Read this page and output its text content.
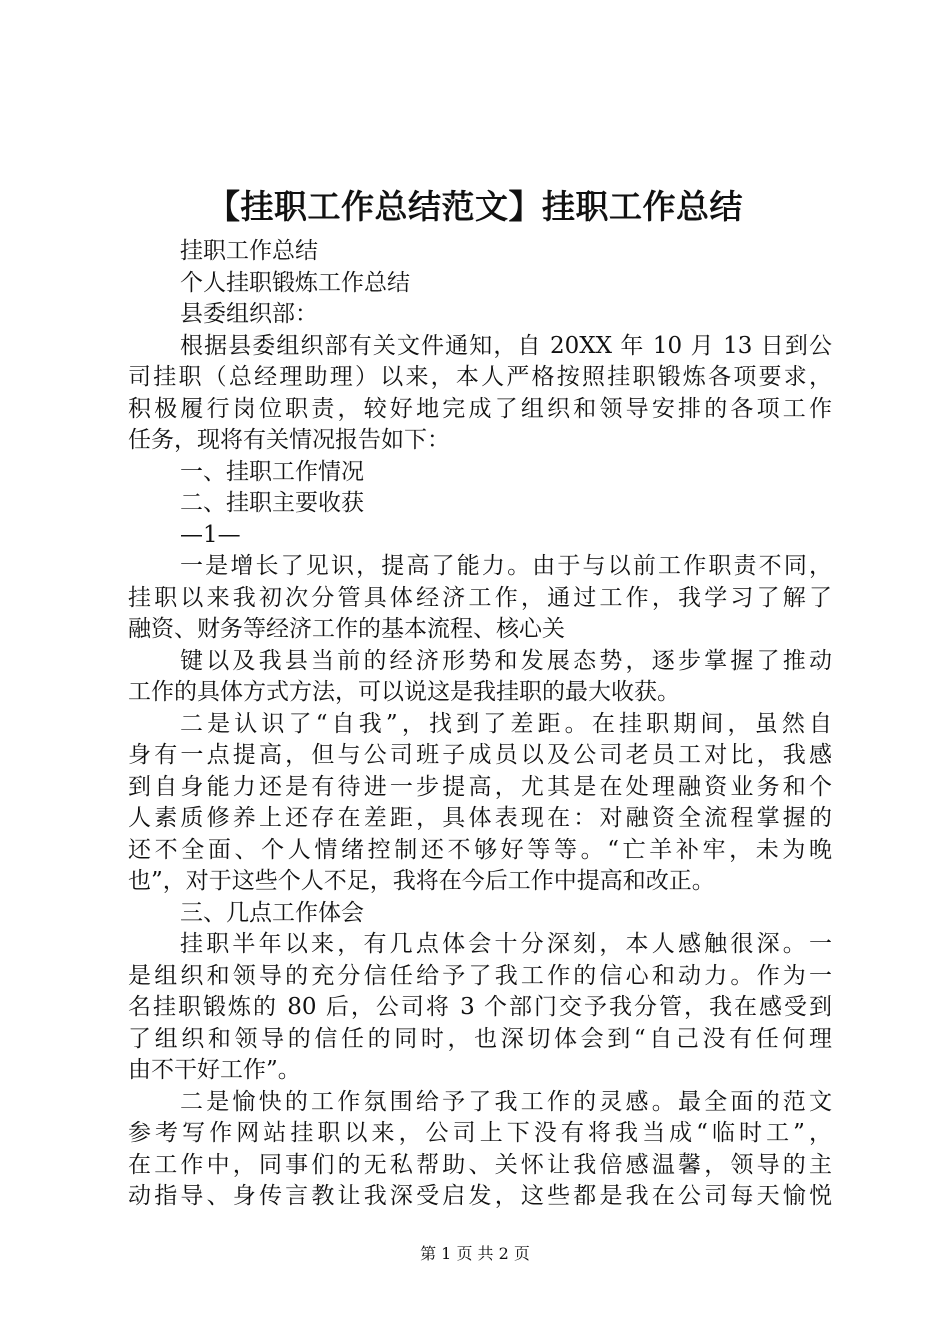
【挂职工作总结范文】挂职工作总结
挂职工作总结
个人挂职锻炼工作总结
县委组织部：
根据县委组织部有关文件通知，自 20XX 年 10 月 13 日到公
司挂职（总经理助理）以来，本人严格按照挂职锻炼各项要求，
积极履行岗位职责，较好地完成了组织和领导安排的各项工作
任务，现将有关情况报告如下：
一、挂职工作情况
二、挂职主要收获
—1—
一是增长了见识，提高了能力。由于与以前工作职责不同，
挂职以来我初次分管具体经济工作，通过工作，我学习了解了
融资、财务等经济工作的基本流程、核心关
键以及我县当前的经济形势和发展态势，逐步掌握了推动
工作的具体方式方法，可以说这是我挂职的最大收获。
二是认识了“自我”，找到了差距。在挂职期间，虽然自
身有一点提高，但与公司班子成员以及公司老员工对比，我感
到自身能力还是有待进一步提高，尤其是在处理融资业务和个
人素质修养上还存在差距，具体表现在：对融资全流程掌握的
还不全面、个人情绪控制还不够好等等。“亡羊补牢，未为晚
也”，对于这些个人不足，我将在今后工作中提高和改正。
三、几点工作体会
挂职半年以来，有几点体会十分深刻，本人感触很深。一
是组织和领导的充分信任给予了我工作的信心和动力。作为一
名挂职锻炼的 80 后，公司将 3 个部门交予我分管，我在感受到
了组织和领导的信任的同时，也深切体会到“自己没有任何理
由不干好工作”。
二是愉快的工作氛围给予了我工作的灵感。最全面的范文
参考写作网站挂职以来，公司上下没有将我当成“临时工”，
在工作中，同事们的无私帮助、关怀让我倍感温馨，领导的主
动指导、身传言教让我深受启发，这些都是我在公司每天愉悦
第 1 页 共 2 页
